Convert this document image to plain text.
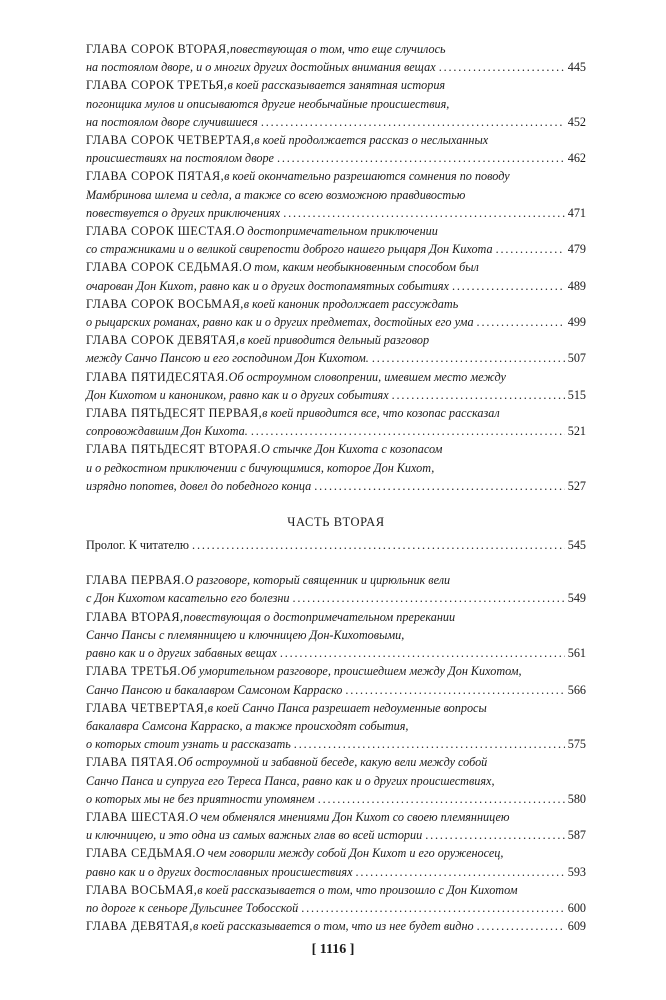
ГЛАВА СОРОК ВТОРАЯ, повествующая о том, что еще случилось
на постоялом дворе, и о многих других достойных внимания вещах . . .	445
ГЛАВА СОРОК ТРЕТЬЯ, в коей рассказывается занятная история
погонщика мулов и описываются другие необычайные происшествия,
на постоялом дворе случившиеся . . .	452
ГЛАВА СОРОК ЧЕТВЕРТАЯ, в коей продолжается рассказ о неслыханных
происшествиях на постоялом дворе . . .	462
ГЛАВА СОРОК ПЯТАЯ, в коей окончательно разрешаются сомнения по поводу
Мамбринова шлема и седла, а также со всею возможною правдивостью
повествуется о других приключениях . . .	471
ГЛАВА СОРОК ШЕСТАЯ. О достопримечательном приключении
со стражниками и о великой свирепости доброго нашего рыцаря Дон Кихота . . .	479
ГЛАВА СОРОК СЕДЬМАЯ. О том, каким необыкновенным способом был
очарован Дон Кихот, равно как и о других достопамятных событиях . . .	489
ГЛАВА СОРОК ВОСЬМАЯ, в коей каноник продолжает рассуждать
о рыцарских романах, равно как и о других предметах, достойных его ума . . .	499
ГЛАВА СОРОК ДЕВЯТАЯ, в коей приводится дельный разговор
между Санчо Пансою и его господином Дон Кихотом. . . .	507
ГЛАВА ПЯТИДЕСЯТАЯ. Об остроумном словопрении, имевшем место между
Дон Кихотом и каноником, равно как и о других событиях . . .	515
ГЛАВА ПЯТЬДЕСЯТ ПЕРВАЯ, в коей приводится все, что козопас рассказал
сопровождавшим Дон Кихота. . . .	521
ГЛАВА ПЯТЬДЕСЯТ ВТОРАЯ. О стычке Дон Кихота с козопасом
и о редкостном приключении с бичующимися, которое Дон Кихот,
изрядно попотев, довел до победного конца . . .	527
ЧАСТЬ ВТОРАЯ
Пролог. К читателю . . .	545
ГЛАВА ПЕРВАЯ. О разговоре, который священник и цирюльник вели
с Дон Кихотом касательно его болезни . . .	549
ГЛАВА ВТОРАЯ, повествующая о достопримечательном пререкании
Санчо Пансы с племянницею и ключницею Дон-Кихотовыми,
равно как и о других забавных вещах . . .	561
ГЛАВА ТРЕТЬЯ. Об уморительном разговоре, происшедшем между Дон Кихотом,
Санчо Пансою и бакалавром Самсоном Карраско . . .	566
ГЛАВА ЧЕТВЕРТАЯ, в коей Санчо Панса разрешает недоуменные вопросы
бакалавра Самсона Карраско, а также происходят события,
о которых стоит узнать и рассказать . . .	575
ГЛАВА ПЯТАЯ. Об остроумной и забавной беседе, какую вели между собой
Санчо Панса и супруга его Тереса Панса, равно как и о других происшествиях,
о которых мы не без приятности упомянем . . .	580
ГЛАВА ШЕСТАЯ. О чем обменялся мнениями Дон Кихот со своею племянницею
и ключницею, и это одна из самых важных глав во всей истории . . .	587
ГЛАВА СЕДЬМАЯ. О чем говорили между собой Дон Кихот и его оруженосец,
равно как и о других достославных происшествиях . . .	593
ГЛАВА ВОСЬМАЯ, в коей рассказывается о том, что произошло с Дон Кихотом
по дороге к сеньоре Дульсинее Тобосской . . .	600
ГЛАВА ДЕВЯТАЯ, в коей рассказывается о том, что из нее будет видно . . .	609
[ 1116 ]
